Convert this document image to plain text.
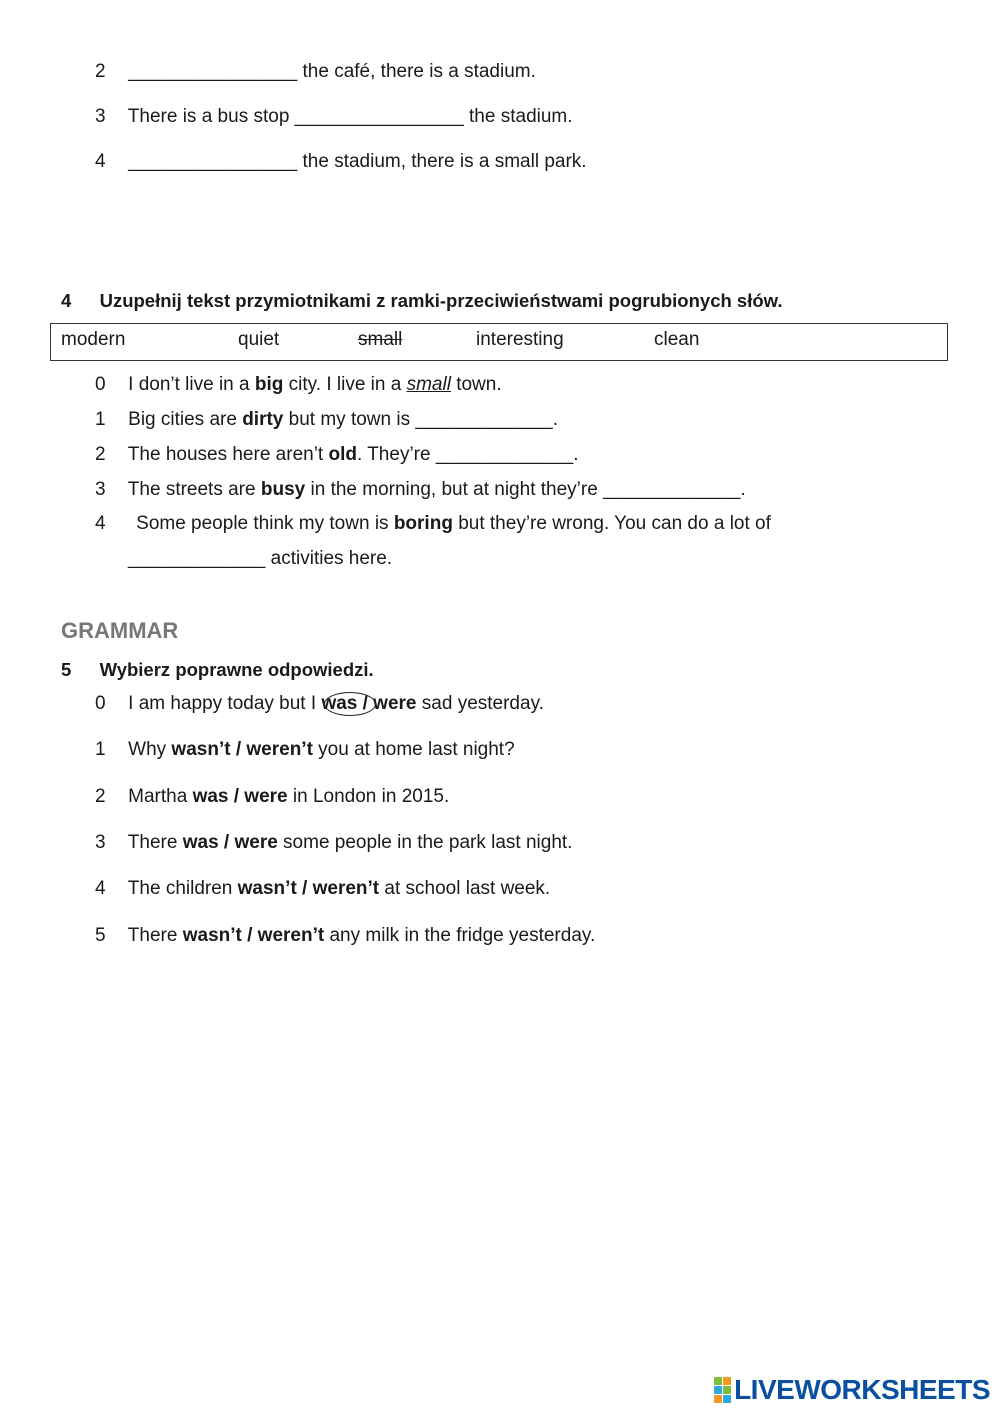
2 ________________ the café, there is a stadium.
3 There is a bus stop ________________ the stadium.
4 ________________ the stadium, there is a small park.
4 Uzupełnij tekst przymiotnikami z ramki-przeciwieństwami pogrubionych słów.
modern	quiet	small	interesting	clean
0 I don’t live in a big city. I live in a small town.
1 Big cities are dirty but my town is _____________.
2 The houses here aren’t old. They’re _____________.
3 The streets are busy in the morning, but at night they’re _____________.
4 Some people think my town is boring but they’re wrong. You can do a lot of
_____________ activities here.
GRAMMAR
5 Wybierz poprawne odpowiedzi.
0 I am happy today but I was / were sad yesterday.
1 Why wasn’t / weren’t you at home last night?
2 Martha was / were in London in 2015.
3 There was / were some people in the park last night.
4 The children wasn’t / weren’t at school last week.
5 There wasn’t / weren’t any milk in the fridge yesterday.
LIVEWORKSHEETS
